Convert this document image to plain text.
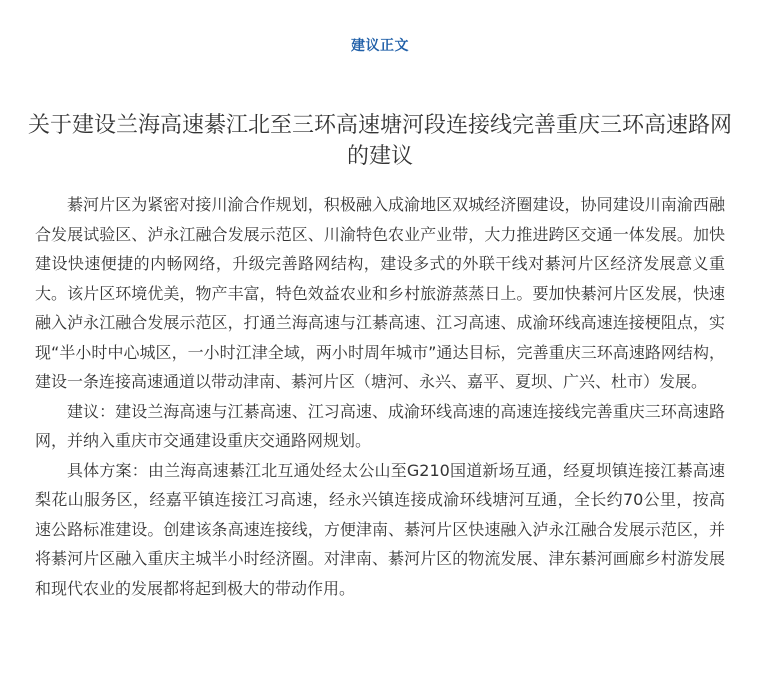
建议正文
关于建设兰海高速綦江北至三环高速塘河段连接线完善重庆三环高速路网的建议

綦河片区为紧密对接川渝合作规划，积极融入成渝地区双城经济圈建设，协同建设川南渝西融合发展试验区、泸永江融合发展示范区、川渝特色农业产业带，大力推进跨区交通一体发展。加快建设快速便捷的内畅网络，升级完善路网结构，建设多式的外联干线对綦河片区经济发展意义重大。该片区环境优美，物产丰富，特色效益农业和乡村旅游蒸蒸日上。要加快綦河片区发展，快速融入泸永江融合发展示范区，打通兰海高速与江綦高速、江习高速、成渝环线高速连接梗阻点，实现“半小时中心城区，一小时江津全域，两小时周年城市”通达目标，完善重庆三环高速路网结构，建设一条连接高速通道以带动津南、綦河片区（塘河、永兴、嘉平、夏坝、广兴、杜市）发展。

建议：建设兰海高速与江綦高速、江习高速、成渝环线高速的高速连接线完善重庆三环高速路网，并纳入重庆市交通建设重庆交通路网规划。

具体方案：由兰海高速綦江北互通处经太公山至G210国道新场互通，经夏坝镇连接江綦高速梨花山服务区，经嘉平镇连接江习高速，经永兴镇连接成渝环线塘河互通，全长约70公里，按高速公路标准建设。创建该条高速连接线，方便津南、綦河片区快速融入泸永江融合发展示范区，并将綦河片区融入重庆主城半小时经济圈。对津南、綦河片区的物流发展、津东綦河画廊乡村游发展和现代农业的发展都将起到极大的带动作用。
